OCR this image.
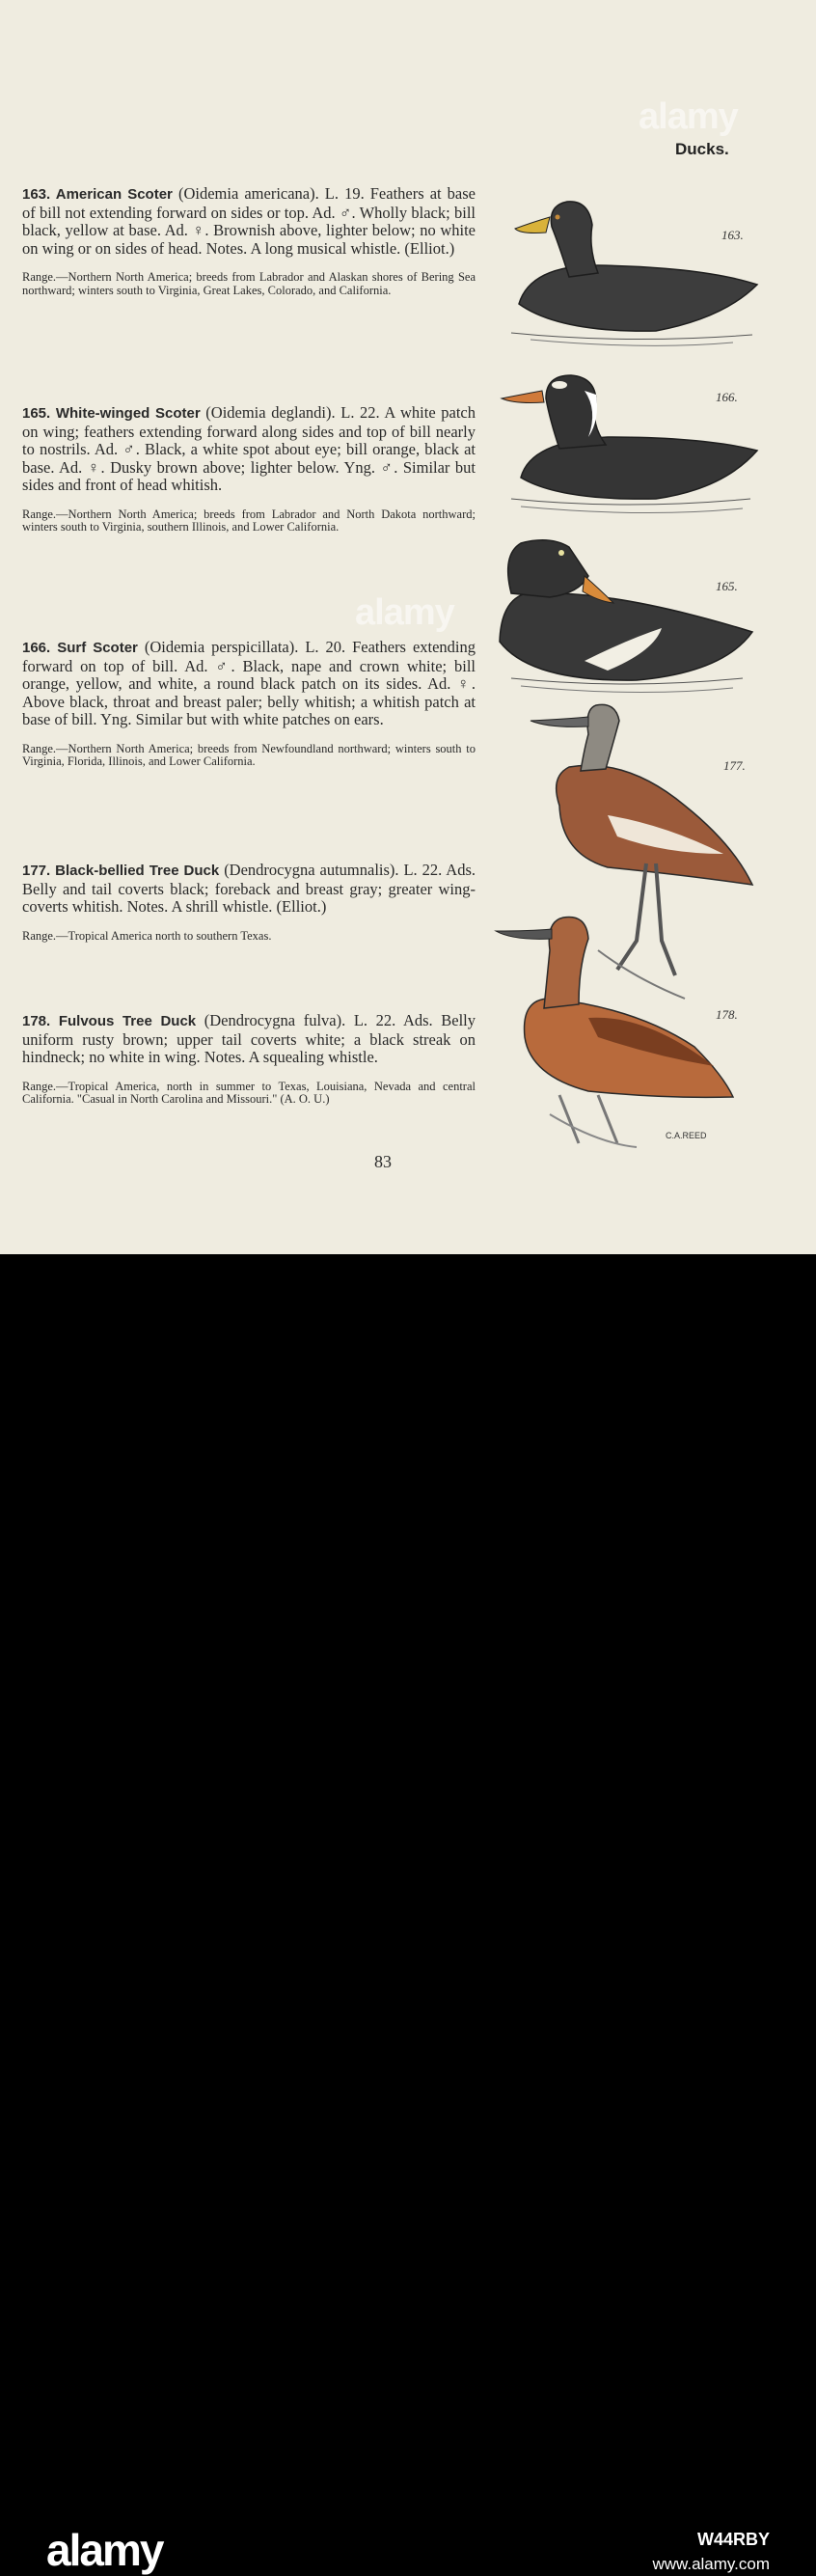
alamy
alamy
Ducks.
163. American Scoter (Oidemia americana). L. 19. Feathers at base of bill not extending forward on sides or top. Ad. ♂. Wholly black; bill black, yellow at base. Ad. ♀. Brownish above, lighter below; no white on wing or on sides of head. Notes. A long musical whistle. (Elliot.)
Range.—Northern North America; breeds from Labrador and Alaskan shores of Bering Sea northward; winters south to Virginia, Great Lakes, Colorado, and California.
165. White-winged Scoter (Oidemia deglandi). L. 22. A white patch on wing; feathers extending forward along sides and top of bill nearly to nostrils. Ad. ♂. Black, a white spot about eye; bill orange, black at base. Ad. ♀. Dusky brown above; lighter below. Yng. ♂. Similar but sides and front of head whitish.
Range.—Northern North America; breeds from Labrador and North Dakota northward; winters south to Virginia, southern Illinois, and Lower California.
166. Surf Scoter (Oidemia perspicillata). L. 20. Feathers extending forward on top of bill. Ad. ♂. Black, nape and crown white; bill orange, yellow, and white, a round black patch on its sides. Ad. ♀. Above black, throat and breast paler; belly whitish; a whitish patch at base of bill. Yng. Similar but with white patches on ears.
Range.—Northern North America; breeds from Newfoundland northward; winters south to Virginia, Florida, Illinois, and Lower California.
177. Black-bellied Tree Duck (Dendrocygna autumnalis). L. 22. Ads. Belly and tail coverts black; foreback and breast gray; greater wing-coverts whitish. Notes. A shrill whistle. (Elliot.)
Range.—Tropical America north to southern Texas.
178. Fulvous Tree Duck (Dendrocygna fulva). L. 22. Ads. Belly uniform rusty brown; upper tail coverts white; a black streak on hindneck; no white in wing. Notes. A squealing whistle.
Range.—Tropical America, north in summer to Texas, Louisiana, Nevada and central California. "Casual in North Carolina and Missouri." (A. O. U.)
83
163.
166.
165.
177.
178.
C.A.REED
alamy	W44RBY
www.alamy.com
